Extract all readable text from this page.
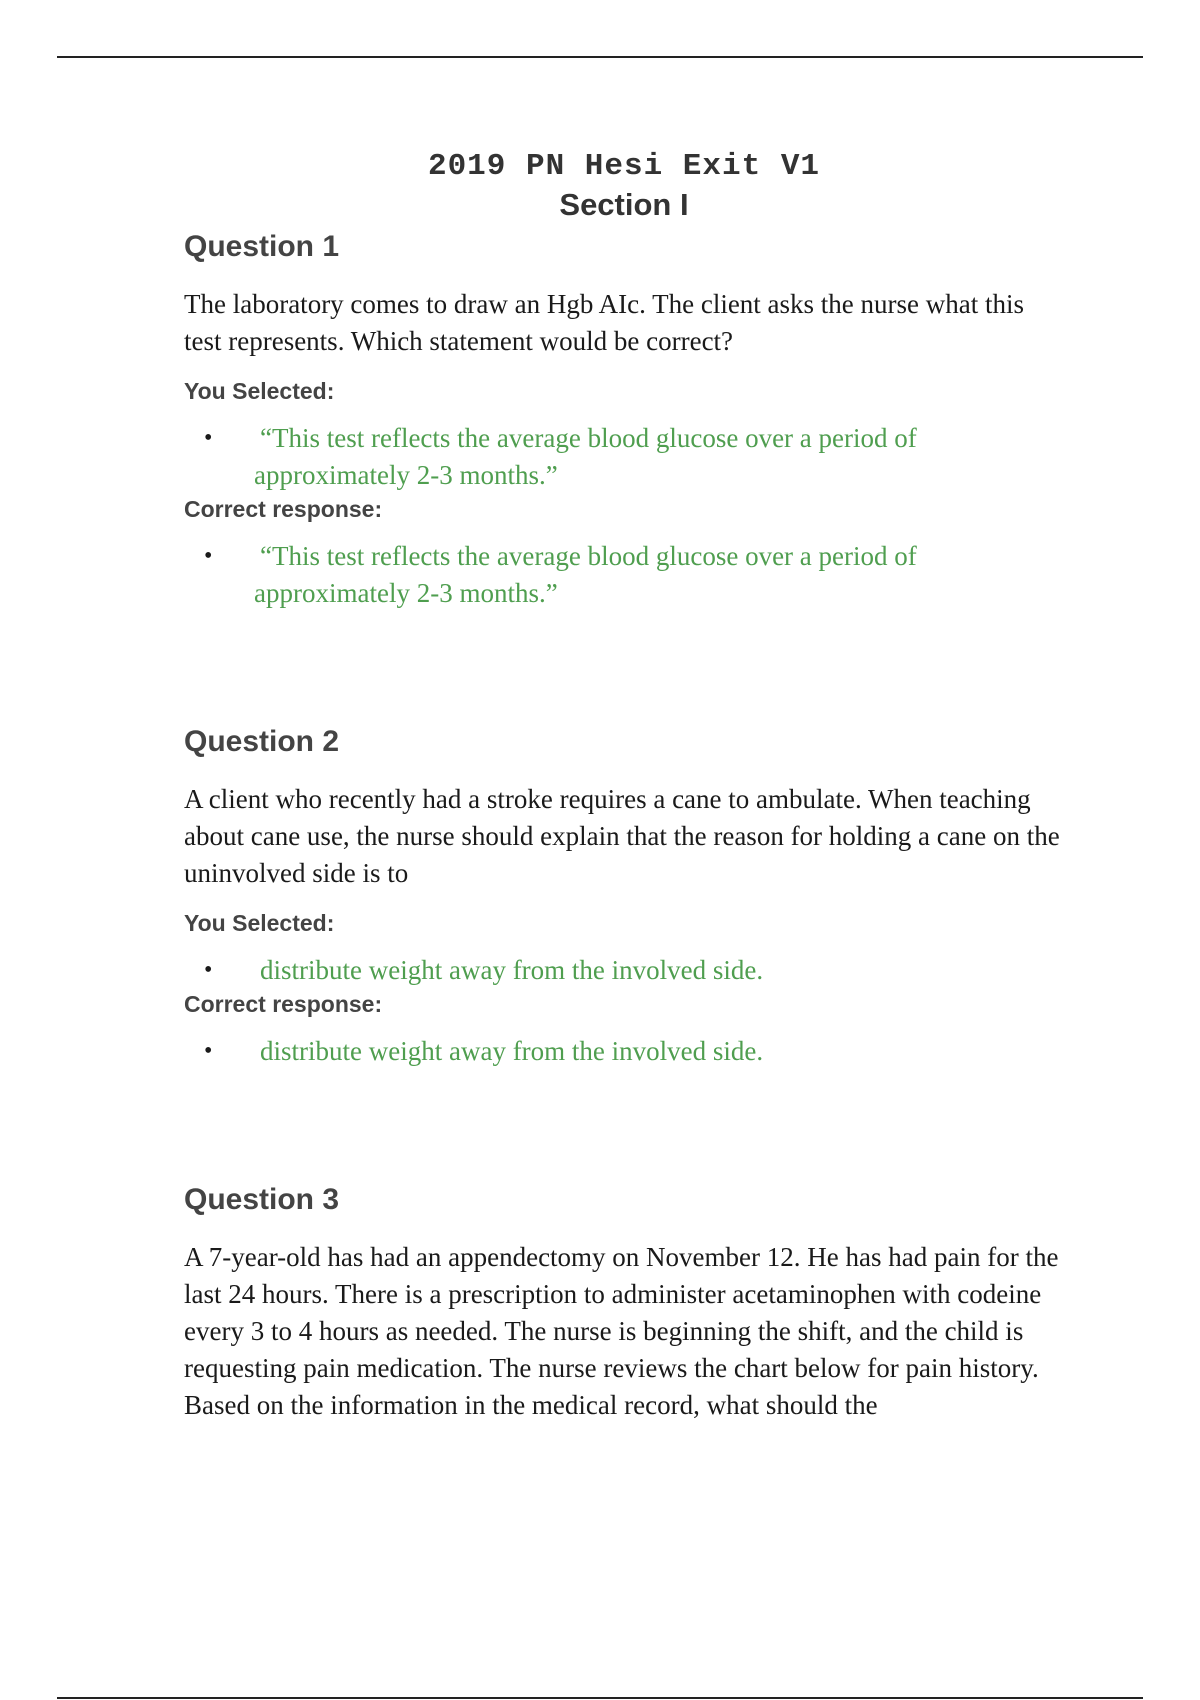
2019 PN Hesi Exit V1
Section I
Question 1

The laboratory comes to draw an Hgb AIc. The client asks the nurse what this test represents. Which statement would be correct?

You Selected:

• “This test reflects the average blood glucose over a period of approximately 2-3 months.”

Correct response:

• “This test reflects the average blood glucose over a period of approximately 2-3 months.”
Question 2

A client who recently had a stroke requires a cane to ambulate. When teaching about cane use, the nurse should explain that the reason for holding a cane on the uninvolved side is to

You Selected:

• distribute weight away from the involved side.

Correct response:

• distribute weight away from the involved side.
Question 3

A 7-year-old has had an appendectomy on November 12. He has had pain for the last 24 hours. There is a prescription to administer acetaminophen with codeine every 3 to 4 hours as needed. The nurse is beginning the shift, and the child is requesting pain medication. The nurse reviews the chart below for pain history. Based on the information in the medical record, what should the
